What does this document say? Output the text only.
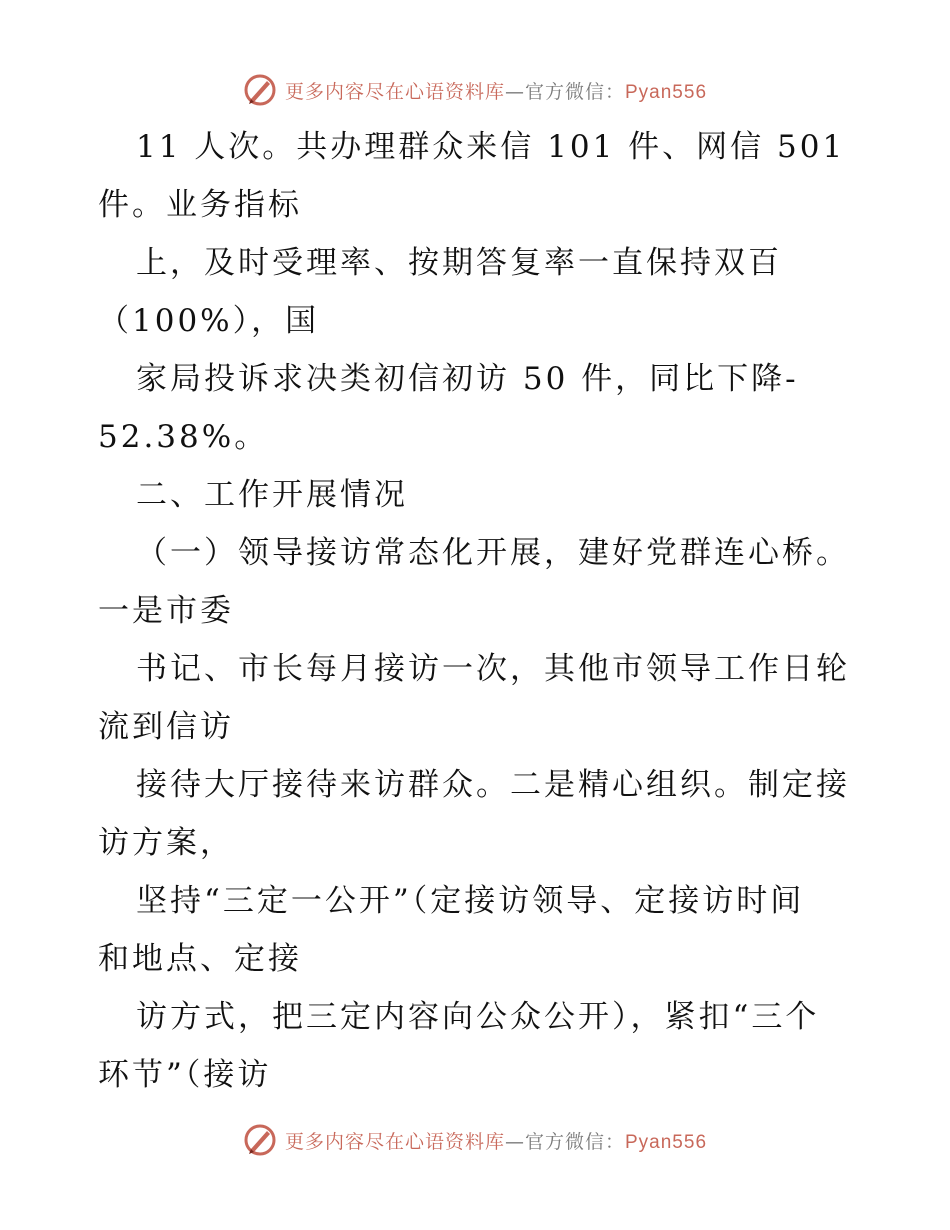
更多内容尽在心语资料库—官方微信：Pyan556
11 人次。共办理群众来信 101 件、网信 501
件。业务指标
上，及时受理率、按期答复率一直保持双百
（100%），国
家局投诉求决类初信初访 50 件，同比下降-
52.38%。
二、工作开展情况
（一）领导接访常态化开展，建好党群连心桥。
一是市委
书记、市长每月接访一次，其他市领导工作日轮
流到信访
接待大厅接待来访群众。二是精心组织。制定接
访方案，
坚持“三定一公开”（定接访领导、定接访时间
和地点、定接
访方式，把三定内容向公众公开），紧扣“三个
环节”（接访
更多内容尽在心语资料库—官方微信：Pyan556
